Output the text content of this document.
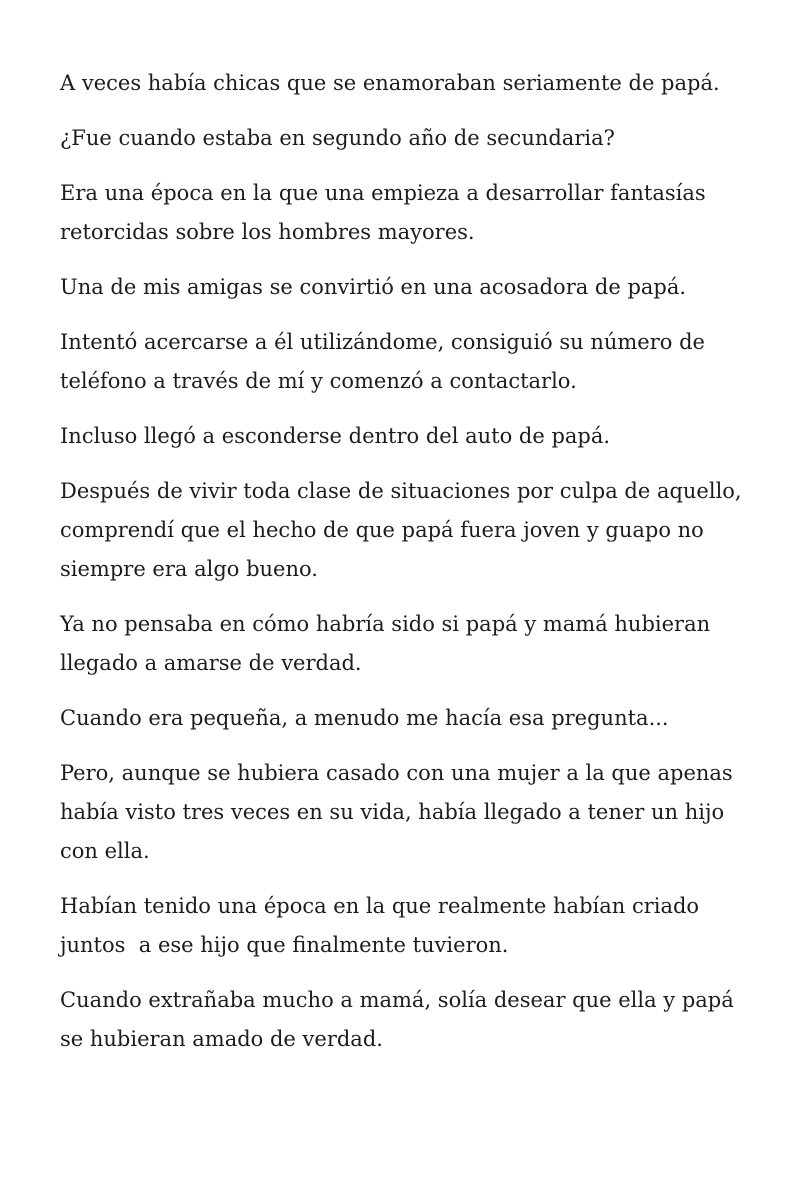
A veces había chicas que se enamoraban seriamente de papá.

¿Fue cuando estaba en segundo año de secundaria?

Era una época en la que una empieza a desarrollar fantasías retorcidas sobre los hombres mayores.

Una de mis amigas se convirtió en una acosadora de papá.

Intentó acercarse a él utilizándome, consiguió su número de teléfono a través de mí y comenzó a contactarlo.

Incluso llegó a esconderse dentro del auto de papá.

Después de vivir toda clase de situaciones por culpa de aquello, comprendí que el hecho de que papá fuera joven y guapo no siempre era algo bueno.

Ya no pensaba en cómo habría sido si papá y mamá hubieran llegado a amarse de verdad.

Cuando era pequeña, a menudo me hacía esa pregunta...

Pero, aunque se hubiera casado con una mujer a la que apenas había visto tres veces en su vida, había llegado a tener un hijo con ella.

Habían tenido una época en la que realmente habían criado juntos  a ese hijo que finalmente tuvieron.

Cuando extrañaba mucho a mamá, solía desear que ella y papá se hubieran amado de verdad.
